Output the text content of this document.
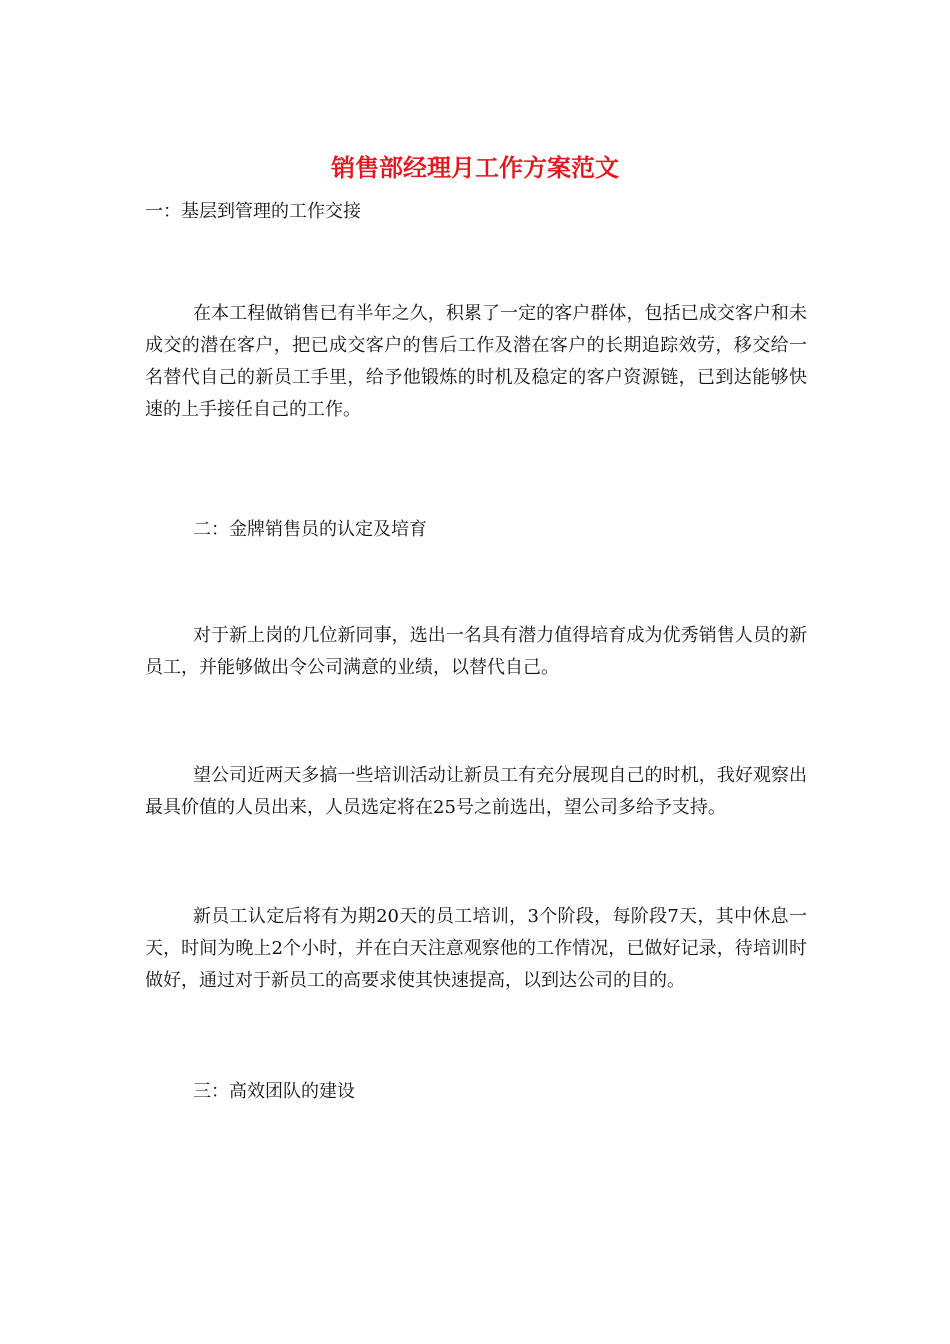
销售部经理月工作方案范文

一：基层到管理的工作交接

在本工程做销售已有半年之久，积累了一定的客户群体，包括已成交客户和未成交的潜在客户，把已成交客户的售后工作及潜在客户的长期追踪效劳，移交给一名替代自己的新员工手里，给予他锻炼的时机及稳定的客户资源链，已到达能够快速的上手接任自己的工作。

二：金牌销售员的认定及培育

对于新上岗的几位新同事，选出一名具有潜力值得培育成为优秀销售人员的新员工，并能够做出令公司满意的业绩，以替代自己。

望公司近两天多搞一些培训活动让新员工有充分展现自己的时机，我好观察出最具价值的人员出来，人员选定将在25号之前选出，望公司多给予支持。

新员工认定后将有为期20天的员工培训，3个阶段，每阶段7天，其中休息一天，时间为晚上2个小时，并在白天注意观察他的工作情况，已做好记录，待培训时做好，通过对于新员工的高要求使其快速提高，以到达公司的目的。

三：高效团队的建设
